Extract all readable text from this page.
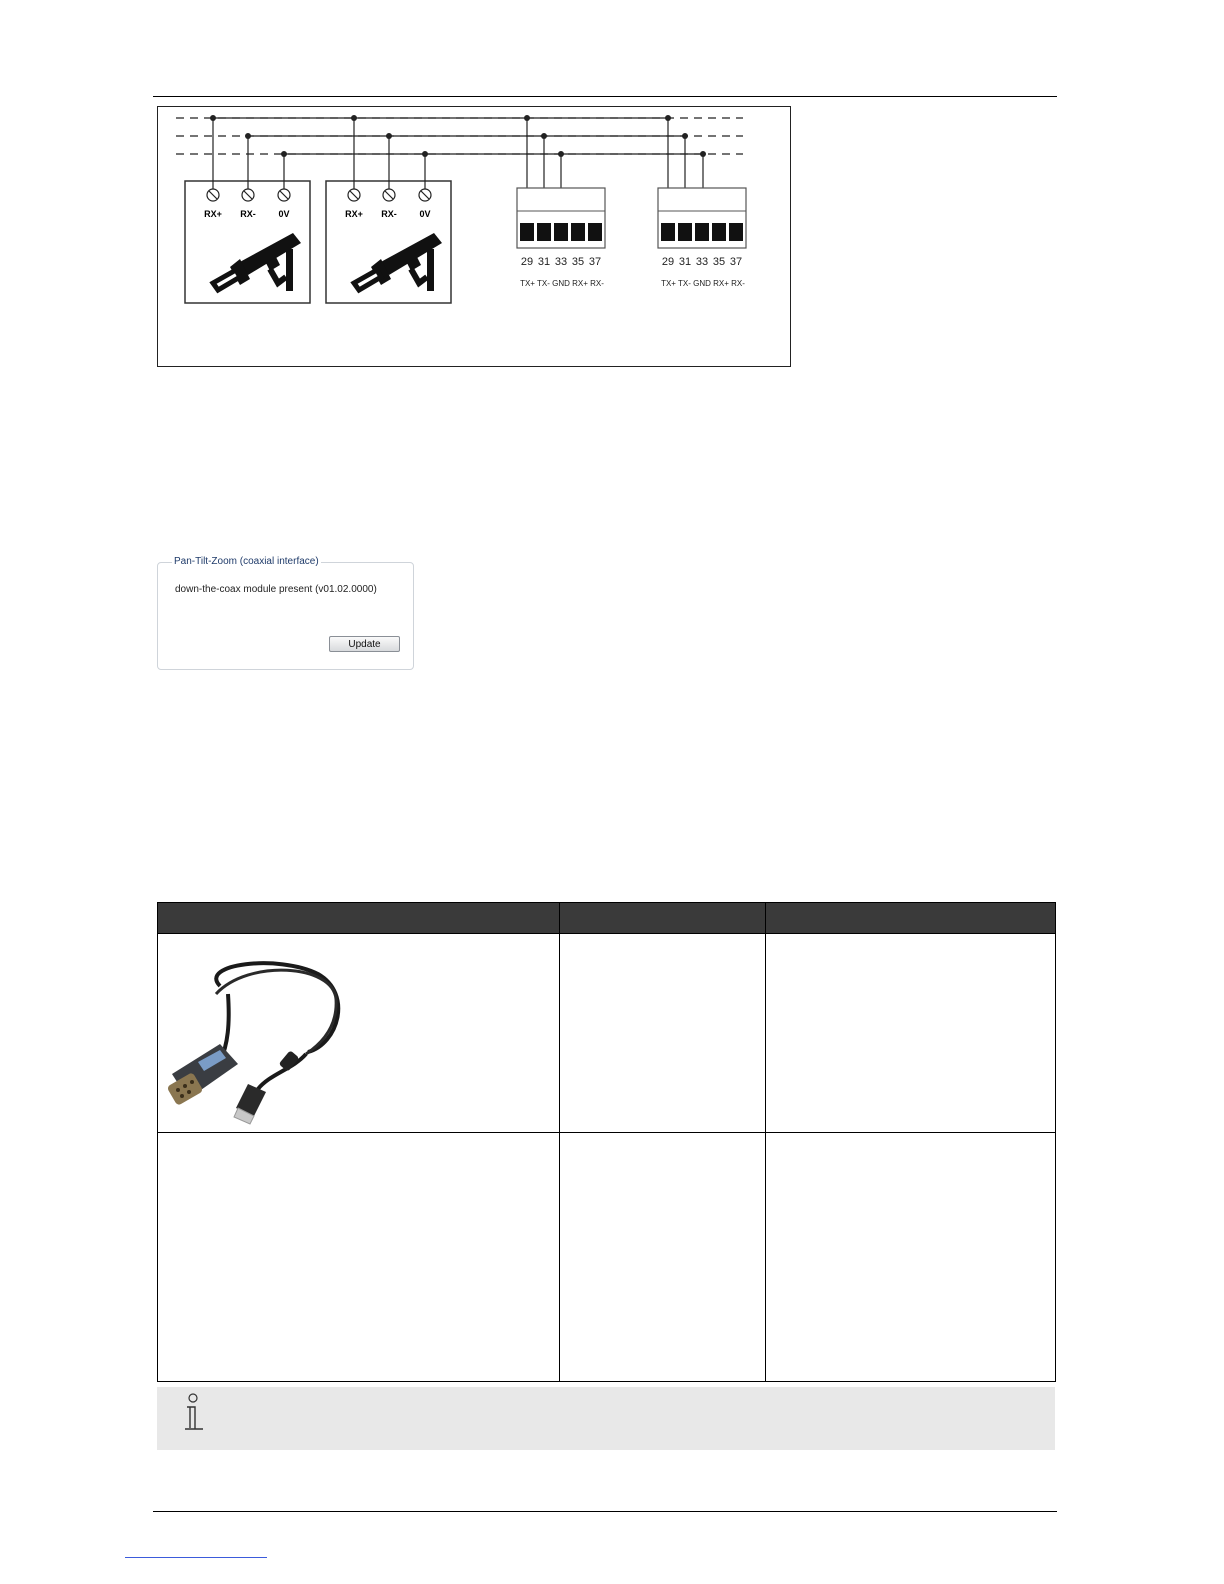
RX+ RX-	0V	RX+ RX-	0V
29 31 33 35 37
TX+ TX- GND RX+ RX-
29 31 33 35 37
TX+ TX- GND RX+ RX-
Pan-Tilt-Zoom (coaxial interface)
down-the-coax module present (v01.02.0000)
Update
